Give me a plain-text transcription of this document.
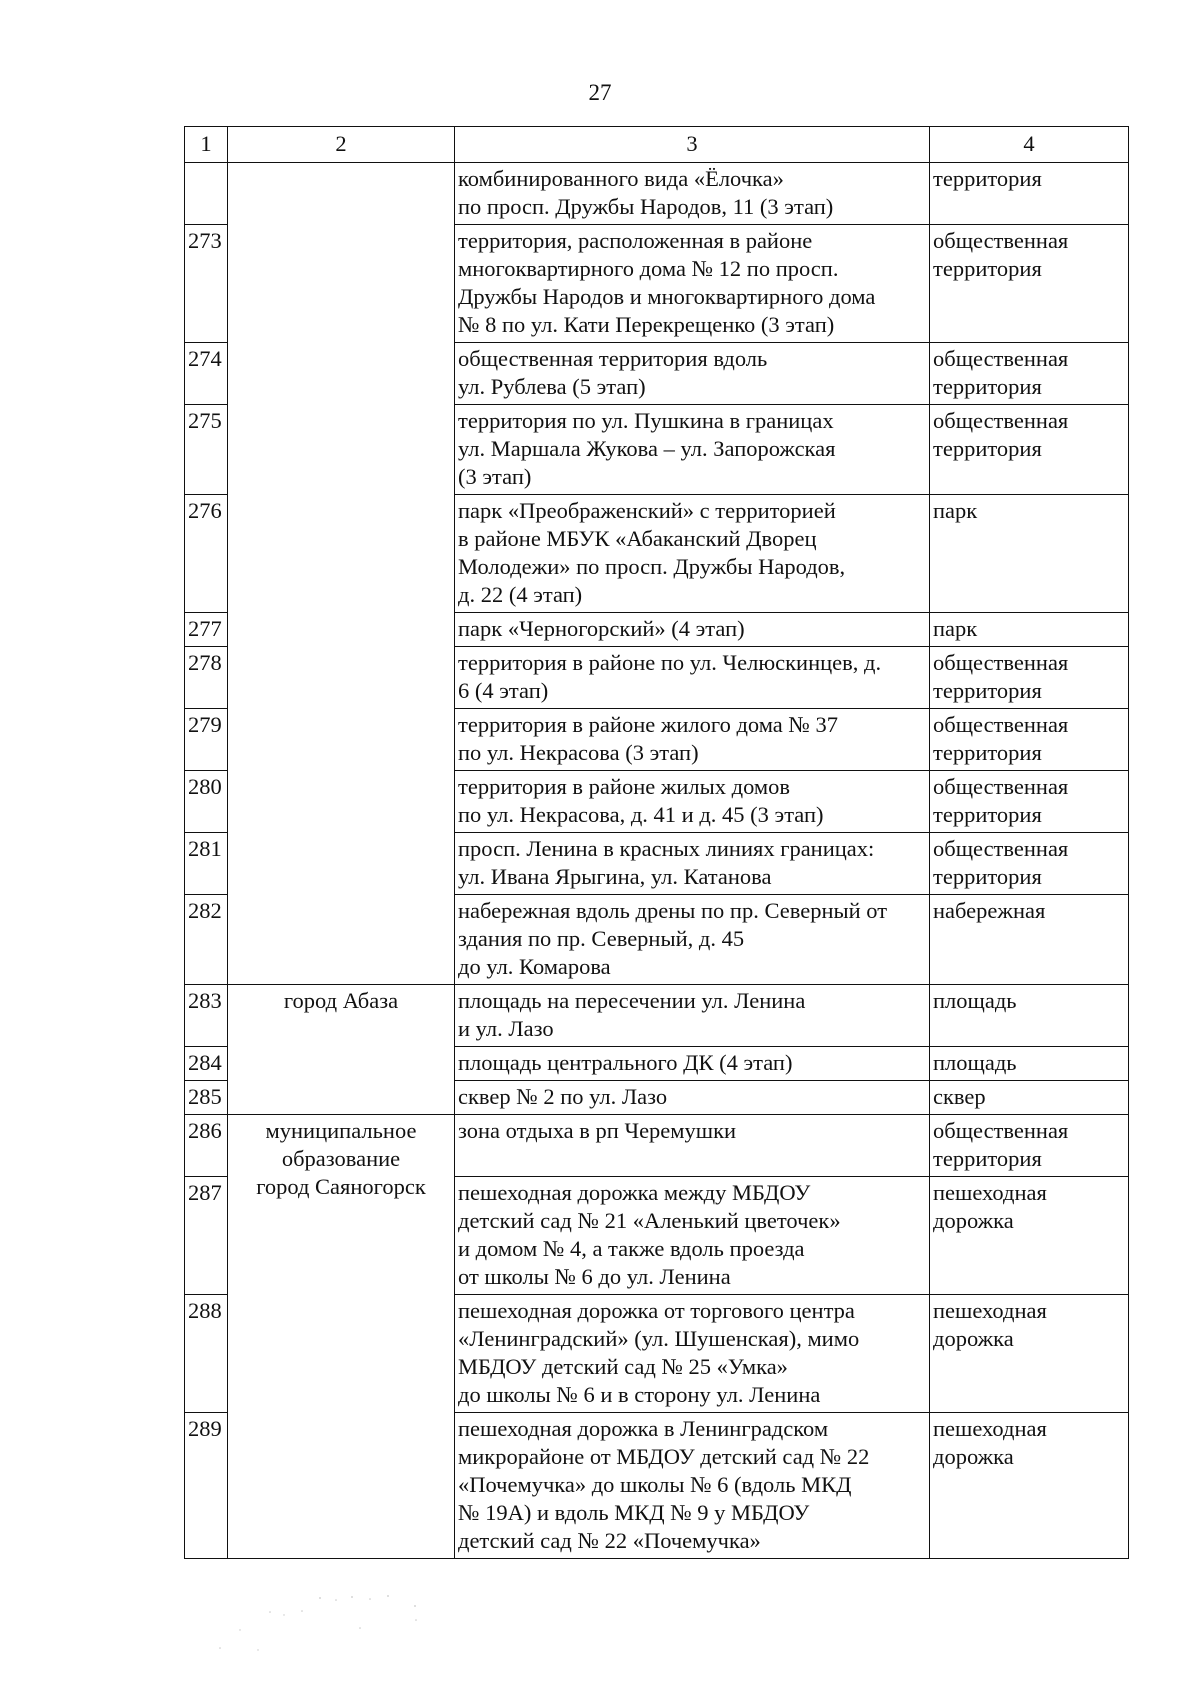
27
1	2	3	4
		комбинированного вида «Ёлочка»
по просп. Дружбы Народов, 11 (3 этап)	территория
273		территория, расположенная в районе
многоквартирного дома № 12 по просп.
Дружбы Народов и многоквартирного дома
№ 8 по ул. Кати Перекрещенко (3 этап)	общественная
территория
274		общественная территория вдоль
ул. Рублева (5 этап)	общественная
территория
275		территория по ул. Пушкина в границах
ул. Маршала Жукова – ул. Запорожская
(3 этап)	общественная
территория
276		парк «Преображенский» с территорией
в районе МБУК «Абаканский Дворец
Молодежи» по просп. Дружбы Народов,
д. 22 (4 этап)	парк
277		парк «Черногорский» (4 этап)	парк
278		территория в районе по ул. Челюскинцев, д.
6 (4 этап)	общественная
территория
279		территория в районе жилого дома № 37
по ул. Некрасова (3 этап)	общественная
территория
280		территория в районе жилых домов
по ул. Некрасова, д. 41 и д. 45 (3 этап)	общественная
территория
281		просп. Ленина в красных линиях границах:
ул. Ивана Ярыгина, ул. Катанова	общественная
территория
282		набережная вдоль дрены по пр. Северный от
здания по пр. Северный, д. 45
до ул. Комарова	набережная
283	город Абаза	площадь на пересечении ул. Ленина
и ул. Лазо	площадь
284		площадь центрального ДК (4 этап)	площадь
285		сквер № 2 по ул. Лазо	сквер
286	муниципальное
образование
город Саяногорск	зона отдыха в рп Черемушки	общественная
территория
287		пешеходная дорожка между МБДОУ
детский сад № 21 «Аленький цветочек»
и домом № 4, а также вдоль проезда
от школы № 6 до ул. Ленина	пешеходная
дорожка
288		пешеходная дорожка от торгового центра
«Ленинградский» (ул. Шушенская), мимо
МБДОУ детский сад № 25 «Умка»
до школы № 6 и в сторону ул. Ленина	пешеходная
дорожка
289		пешеходная дорожка в Ленинградском
микрорайоне от МБДОУ детский сад № 22
«Почемучка» до школы № 6 (вдоль МКД
№ 19А) и вдоль МКД № 9 у МБДОУ
детский сад № 22 «Почемучка»	пешеходная
дорожка
